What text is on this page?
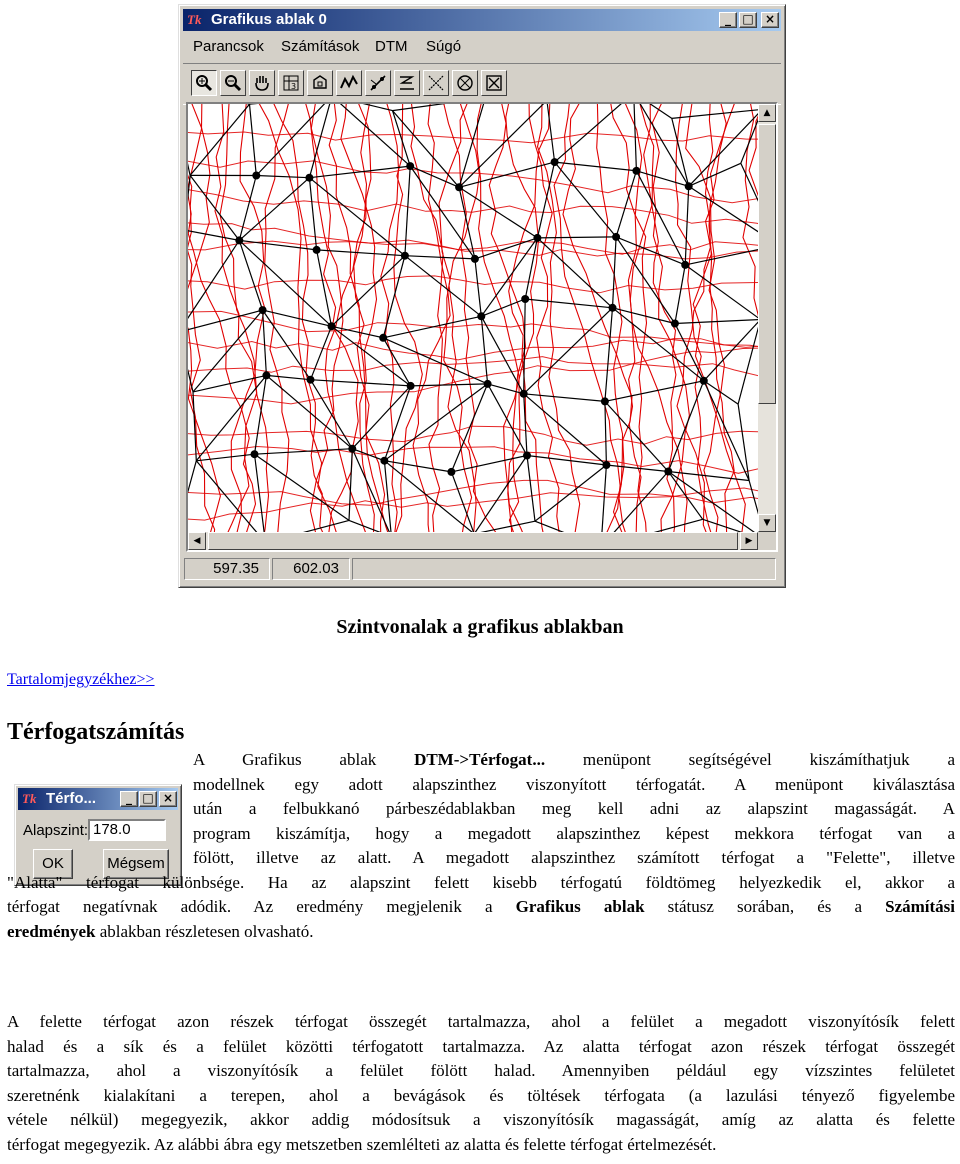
Tk Grafikus ablak 0	_ □ ×
Parancsok Számítások DTM Súgó
3
▲
▼
◀	▶
597.35	602.03
Szintvonalak a grafikus ablakban
Tartalomjegyzékhez>>
Térfogatszámítás
Tk Térfo...	_ □ ×
Alapszint: 178.0
OK	Mégsem
A Grafikus ablak DTM->Térfogat... menüpont segítségével kiszámíthatjuk a
modellnek egy adott alapszinthez viszonyított térfogatát. A menüpont kiválasztása
után a felbukkanó párbeszédablakban meg kell adni az alapszint magasságát. A
program kiszámítja, hogy a megadott alapszinthez képest mekkora térfogat van a
fölött, illetve az alatt. A megadott alapszinthez számított térfogat a "Felette", illetve
"Alatta" térfogat különbsége. Ha az alapszint felett kisebb térfogatú földtömeg helyezkedik el, akkor a
térfogat negatívnak adódik. Az eredmény megjelenik a Grafikus ablak státusz sorában, és a Számítási
eredmények ablakban részletesen olvasható.
A felette térfogat azon részek térfogat összegét tartalmazza, ahol a felület a megadott viszonyítósík felett
halad és a sík és a felület közötti térfogatott tartalmazza. Az alatta térfogat azon részek térfogat összegét
tartalmazza, ahol a viszonyítósík a felület fölött halad. Amennyiben például egy vízszintes felületet
szeretnénk kialakítani a terepen, ahol a bevágások és töltések térfogata (a lazulási tényező figyelembe
vétele nélkül) megegyezik, akkor addig módosítsuk a viszonyítósík magasságát, amíg az alatta és felette
térfogat megegyezik. Az alábbi ábra egy metszetben szemlélteti az alatta és felette térfogat értelmezését.
